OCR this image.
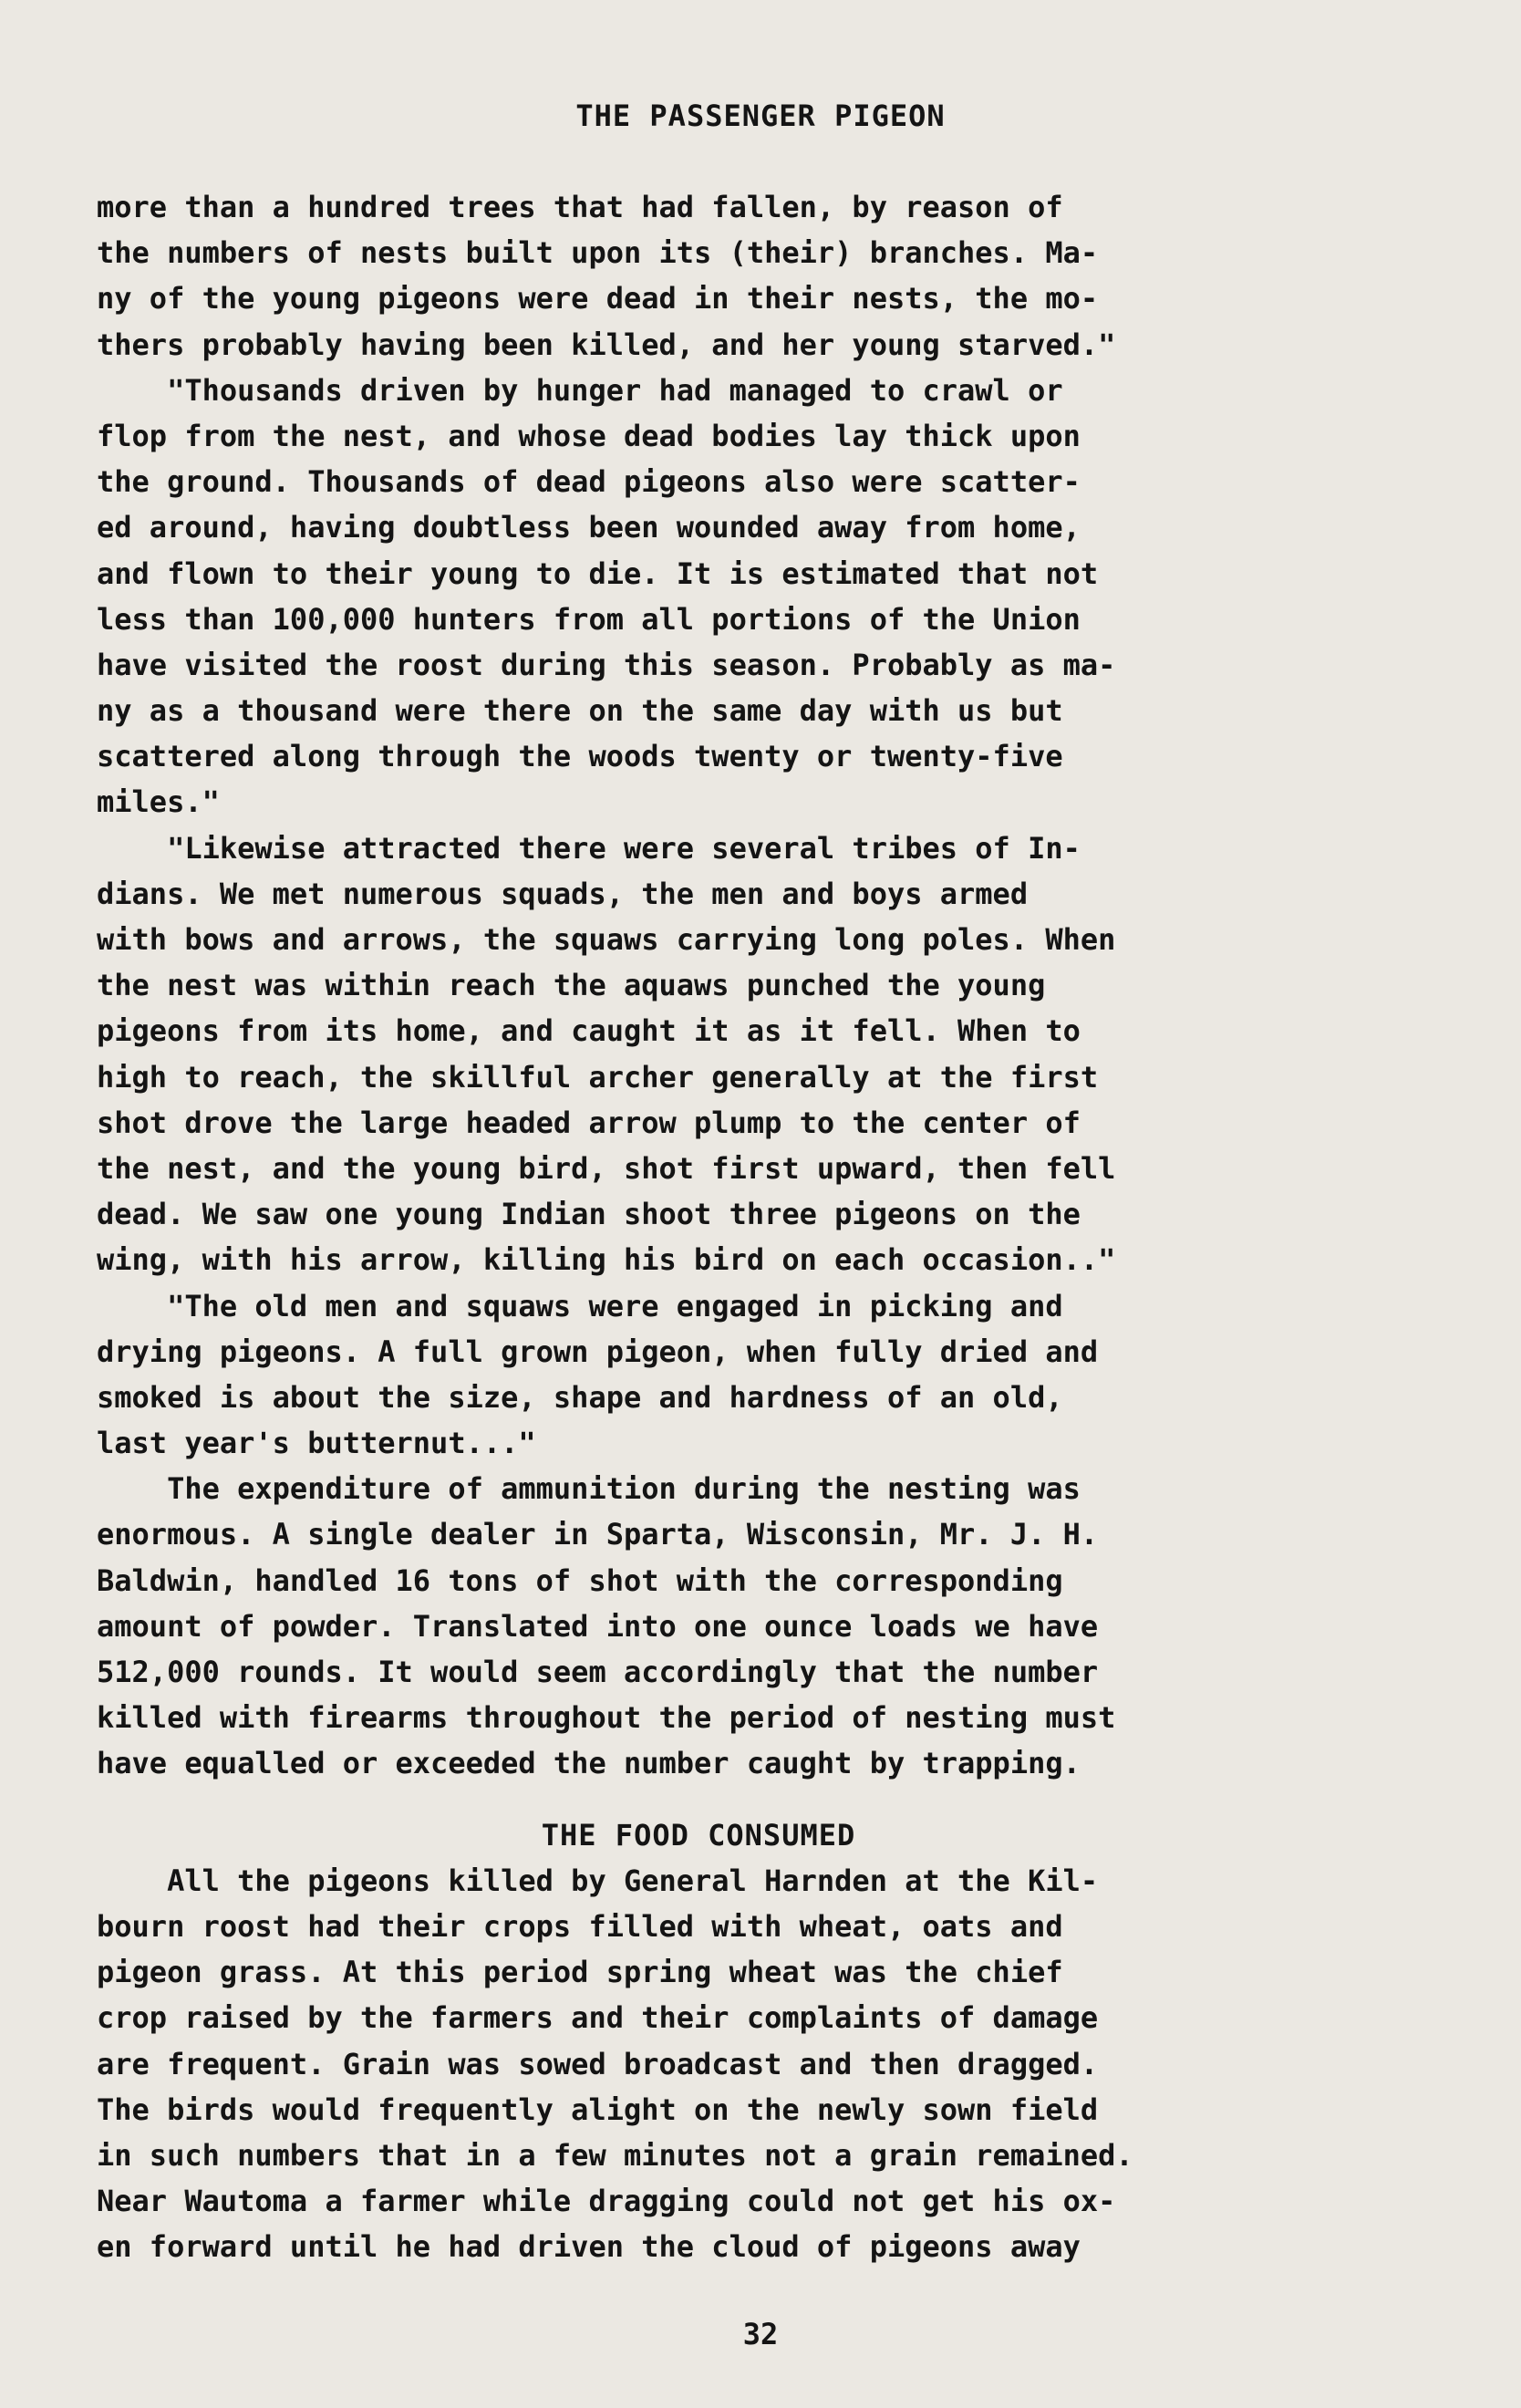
THE PASSENGER PIGEON
more than a hundred trees that had fallen, by reason of
the numbers of nests built upon its (their) branches. Ma-
ny of the young pigeons were dead in their nests, the mo-
thers probably having been killed, and her young starved."
"Thousands driven by hunger had managed to crawl or
flop from the nest, and whose dead bodies lay thick upon
the ground. Thousands of dead pigeons also were scatter-
ed around, having doubtless been wounded away from home,
and flown to their young to die. It is estimated that not
less than 100,000 hunters from all portions of the Union
have visited the roost during this season. Probably as ma-
ny as a thousand were there on the same day with us but
scattered along through the woods twenty or twenty-five
miles."
"Likewise attracted there were several tribes of In-
dians. We met numerous squads, the men and boys armed
with bows and arrows, the squaws carrying long poles. When
the nest was within reach the aquaws punched the young
pigeons from its home, and caught it as it fell. When to
high to reach, the skillful archer generally at the first
shot drove the large headed arrow plump to the center of
the nest, and the young bird, shot first upward, then fell
dead. We saw one young Indian shoot three pigeons on the
wing, with his arrow, killing his bird on each occasion.."
"The old men and squaws were engaged in picking and
drying pigeons. A full grown pigeon, when fully dried and
smoked is about the size, shape and hardness of an old,
last year's butternut..."
The expenditure of ammunition during the nesting was
enormous. A single dealer in Sparta, Wisconsin, Mr. J. H.
Baldwin, handled 16 tons of shot with the corresponding
amount of powder. Translated into one ounce loads we have
512,000 rounds. It would seem accordingly that the number
killed with firearms throughout the period of nesting must
have equalled or exceeded the number caught by trapping.
THE FOOD CONSUMED
All the pigeons killed by General Harnden at the Kil-
bourn roost had their crops filled with wheat, oats and
pigeon grass. At this period spring wheat was the chief
crop raised by the farmers and their complaints of damage
are frequent. Grain was sowed broadcast and then dragged.
The birds would frequently alight on the newly sown field
in such numbers that in a few minutes not a grain remained.
Near Wautoma a farmer while dragging could not get his ox-
en forward until he had driven the cloud of pigeons away
32
